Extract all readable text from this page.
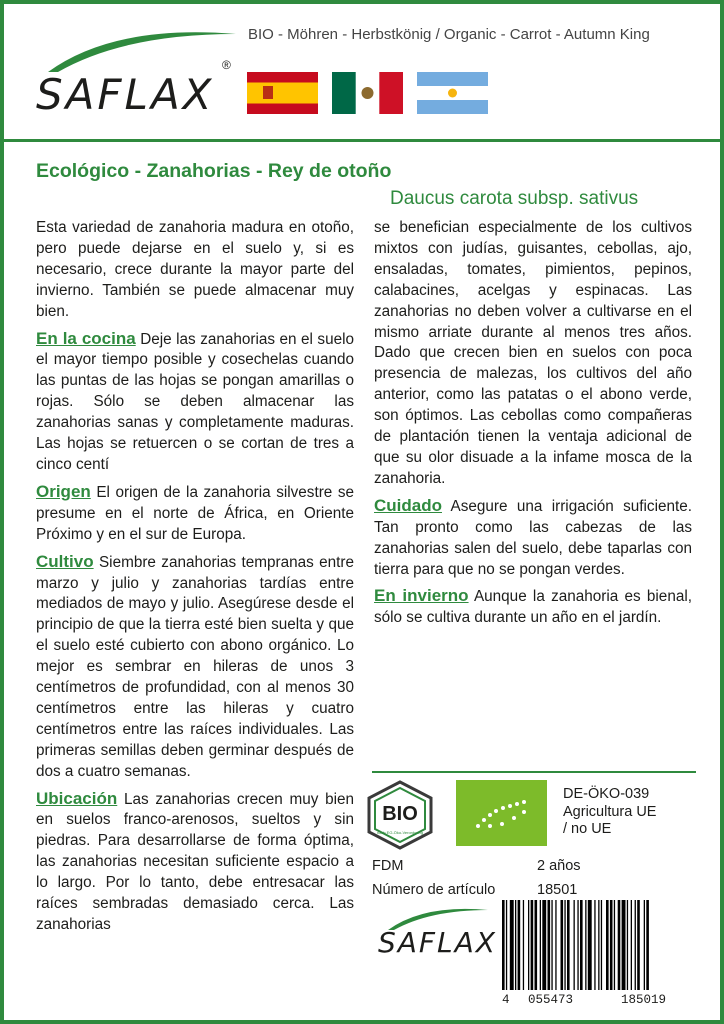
SAFLAX
®
BIO - Möhren - Herbstkönig / Organic - Carrot - Autumn King
Ecológico - Zanahorias - Rey de otoño
Daucus carota subsp. sativus

Esta variedad de zanahoria madura en otoño, pero puede dejarse en el suelo y, si es necesario, crece durante la mayor parte del invierno. También se puede almacenar muy bien.

En la cocina Deje las zanahorias en el suelo el mayor tiempo posible y cosechelas cuando las puntas de las hojas se pongan amarillas o rojas. Sólo se deben almacenar las zanahorias sanas y completamente maduras. Las hojas se retuercen o se cortan de tres a cinco centí

Origen El origen de la zanahoria silvestre se presume en el norte de África, en Oriente Próximo y en el sur de Europa.

Cultivo Siembre zanahorias tempranas entre marzo y julio y zanahorias tardías entre mediados de mayo y julio. Asegúrese desde el principio de que la tierra esté bien suelta y que el suelo esté cubierto con abono orgánico. Lo mejor es sembrar en hileras de unos 3 centímetros de profundidad, con al menos 30 centímetros entre las hileras y cuatro centímetros entre las raíces individuales. Las primeras semillas deben germinar después de dos a cuatro semanas.

Ubicación Las zanahorias crecen muy bien en suelos franco-arenosos, sueltos y sin piedras. Para desarrollarse de forma óptima, las zanahorias necesitan suficiente espacio a lo largo. Por lo tanto, debe entresacar las raíces sembradas demasiado cerca. Las zanahorias

se benefician especialmente de los cultivos mixtos con judías, guisantes, cebollas, ajo, ensaladas, tomates, pimientos, pepinos, calabacines, acelgas y espinacas. Las zanahorias no deben volver a cultivarse en el mismo arriate durante al menos tres años. Dado que crecen bien en suelos con poca presencia de malezas, los cultivos del año anterior, como las patatas o el abono verde, son óptimos. Las cebollas como compañeras de plantación tienen la ventaja adicional de que su olor disuade a la infame mosca de la zanahoria.

Cuidado Asegure una irrigación suficiente. Tan pronto como las cabezas de las zanahorias salen del suelo, debe taparlas con tierra para que no se pongan verdes.

En invierno Aunque la zanahoria es bienal, sólo se cultiva durante un año en el jardín.

BIO
nach EG-Öko-Verordnung
DE-ÖKO-039
Agricultura UE
/ no UE
FDM	2 años
Número de artículo	18501
SAFLAX
4 055473	185019
